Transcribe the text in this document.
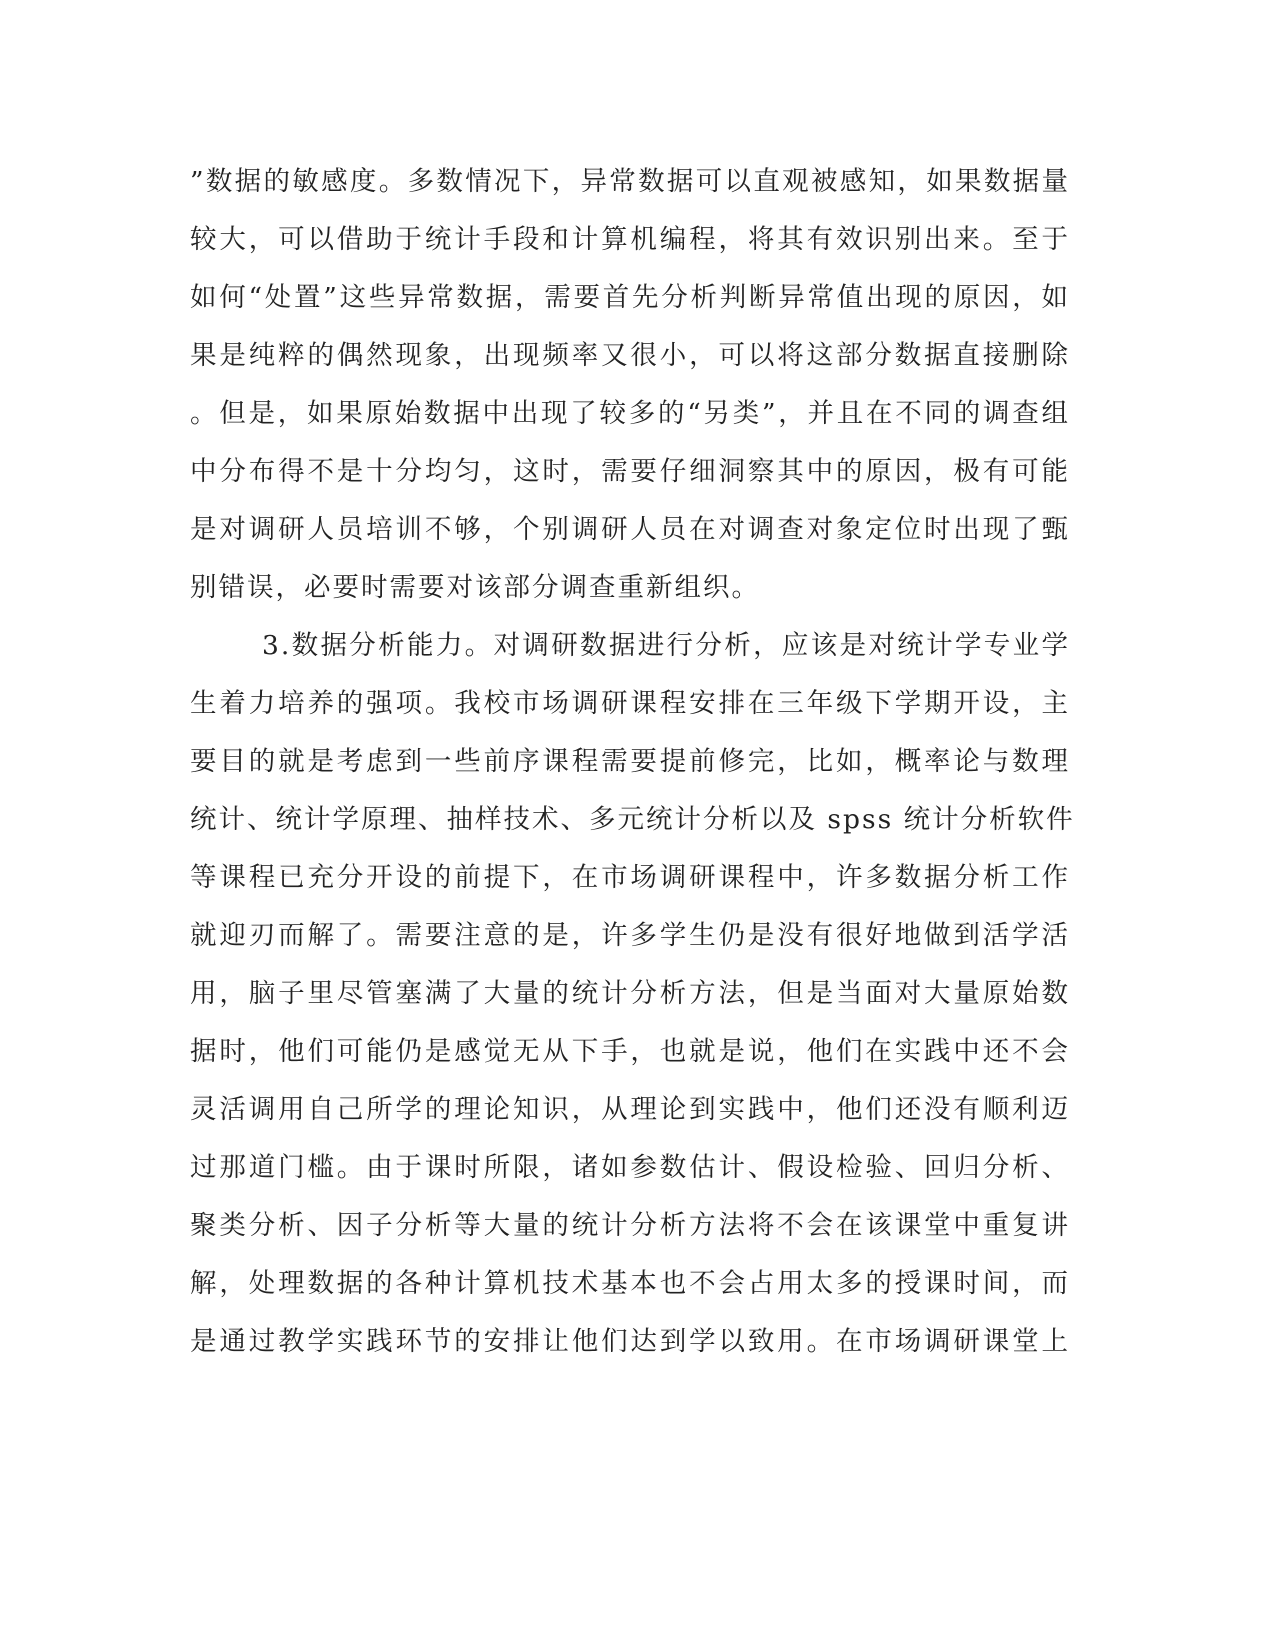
”数据的敏感度。多数情况下，异常数据可以直观被感知，如果数据量
较大，可以借助于统计手段和计算机编程，将其有效识别出来。至于
如何“处置”这些异常数据，需要首先分析判断异常值出现的原因，如
果是纯粹的偶然现象，出现频率又很小，可以将这部分数据直接删除
。但是，如果原始数据中出现了较多的“另类”，并且在不同的调查组
中分布得不是十分均匀，这时，需要仔细洞察其中的原因，极有可能
是对调研人员培训不够，个别调研人员在对调查对象定位时出现了甄
别错误，必要时需要对该部分调查重新组织。
3.数据分析能力。对调研数据进行分析，应该是对统计学专业学
生着力培养的强项。我校市场调研课程安排在三年级下学期开设，主
要目的就是考虑到一些前序课程需要提前修完，比如，概率论与数理
统计、统计学原理、抽样技术、多元统计分析以及 spss 统计分析软件
等课程已充分开设的前提下，在市场调研课程中，许多数据分析工作
就迎刃而解了。需要注意的是，许多学生仍是没有很好地做到活学活
用，脑子里尽管塞满了大量的统计分析方法，但是当面对大量原始数
据时，他们可能仍是感觉无从下手，也就是说，他们在实践中还不会
灵活调用自己所学的理论知识，从理论到实践中，他们还没有顺利迈
过那道门槛。由于课时所限，诸如参数估计、假设检验、回归分析、
聚类分析、因子分析等大量的统计分析方法将不会在该课堂中重复讲
解，处理数据的各种计算机技术基本也不会占用太多的授课时间，而
是通过教学实践环节的安排让他们达到学以致用。在市场调研课堂上
